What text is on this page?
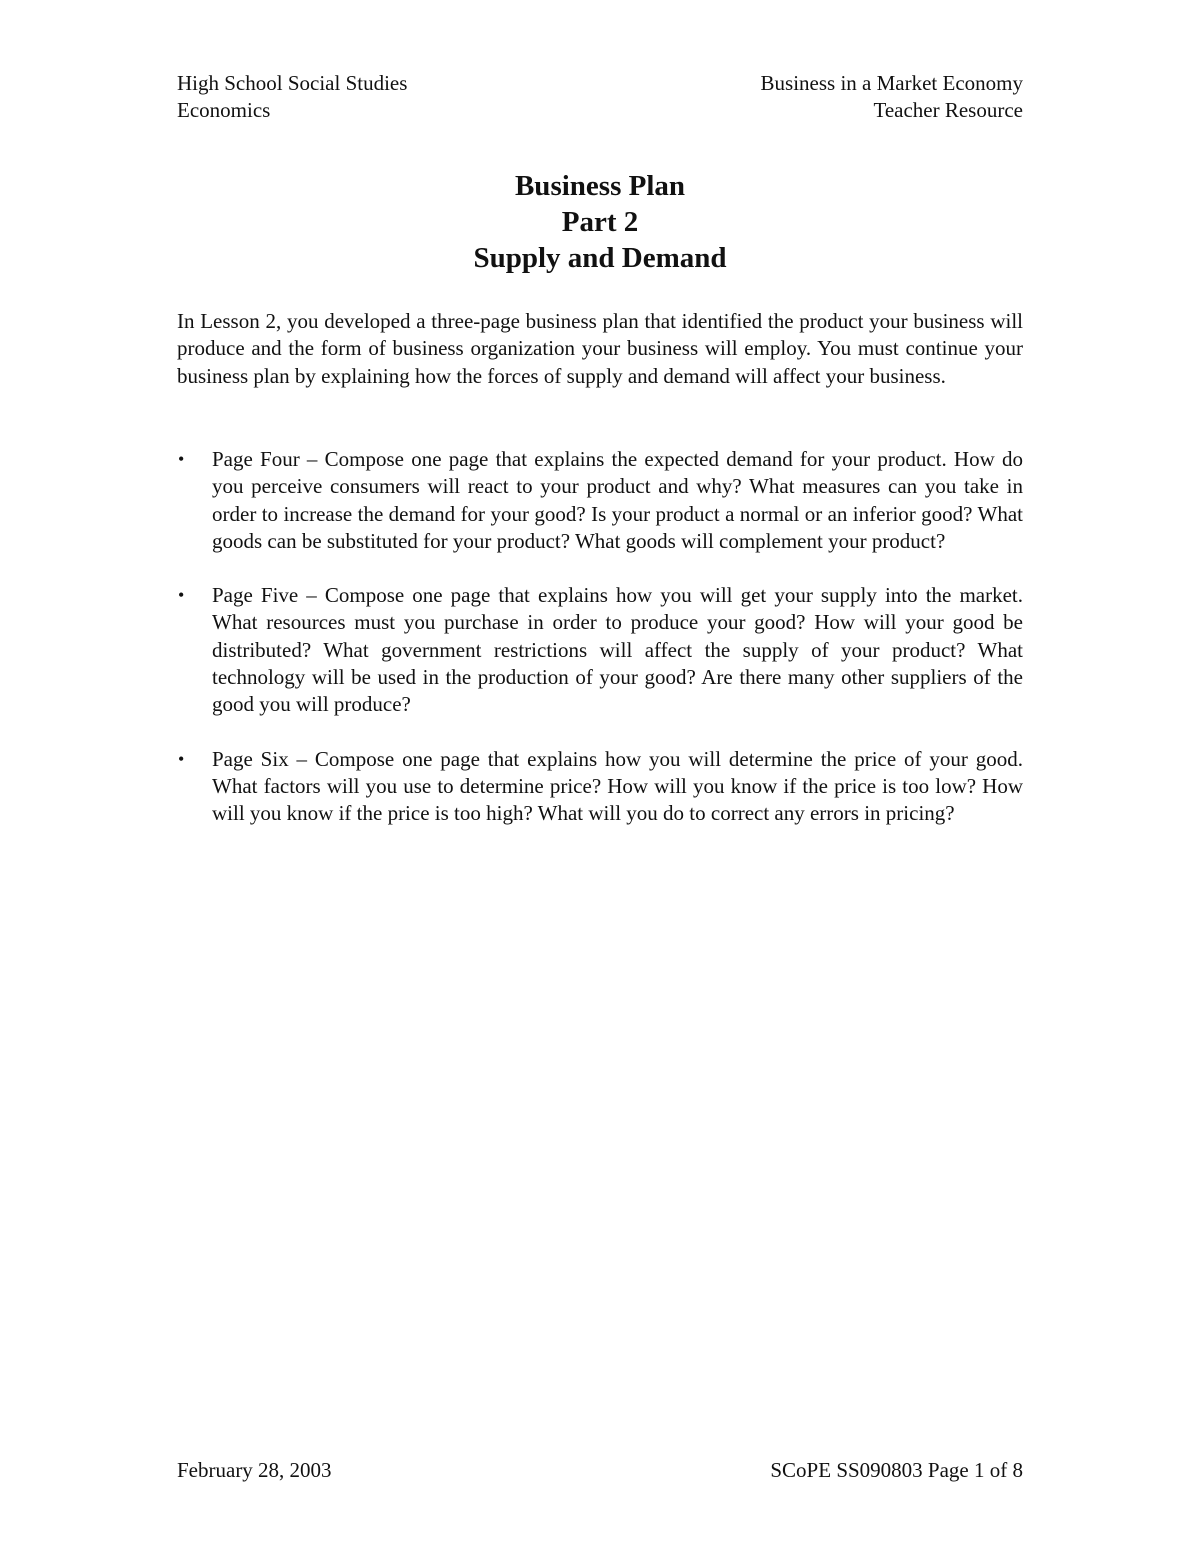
High School Social Studies
Economics
Business in a Market Economy
Teacher Resource
Business Plan
Part 2
Supply and Demand

In Lesson 2, you developed a three-page business plan that identified the product your business will produce and the form of business organization your business will employ. You must continue your business plan by explaining how the forces of supply and demand will affect your business.

• Page Four – Compose one page that explains the expected demand for your product. How do you perceive consumers will react to your product and why? What measures can you take in order to increase the demand for your good? Is your product a normal or an inferior good? What goods can be substituted for your product? What goods will complement your product?
• Page Five – Compose one page that explains how you will get your supply into the market. What resources must you purchase in order to produce your good? How will your good be distributed? What government restrictions will affect the supply of your product? What technology will be used in the production of your good? Are there many other suppliers of the good you will produce?
• Page Six – Compose one page that explains how you will determine the price of your good. What factors will you use to determine price? How will you know if the price is too low? How will you know if the price is too high? What will you do to correct any errors in pricing?
February 28, 2003	SCoPE SS090803 Page 1 of 8
